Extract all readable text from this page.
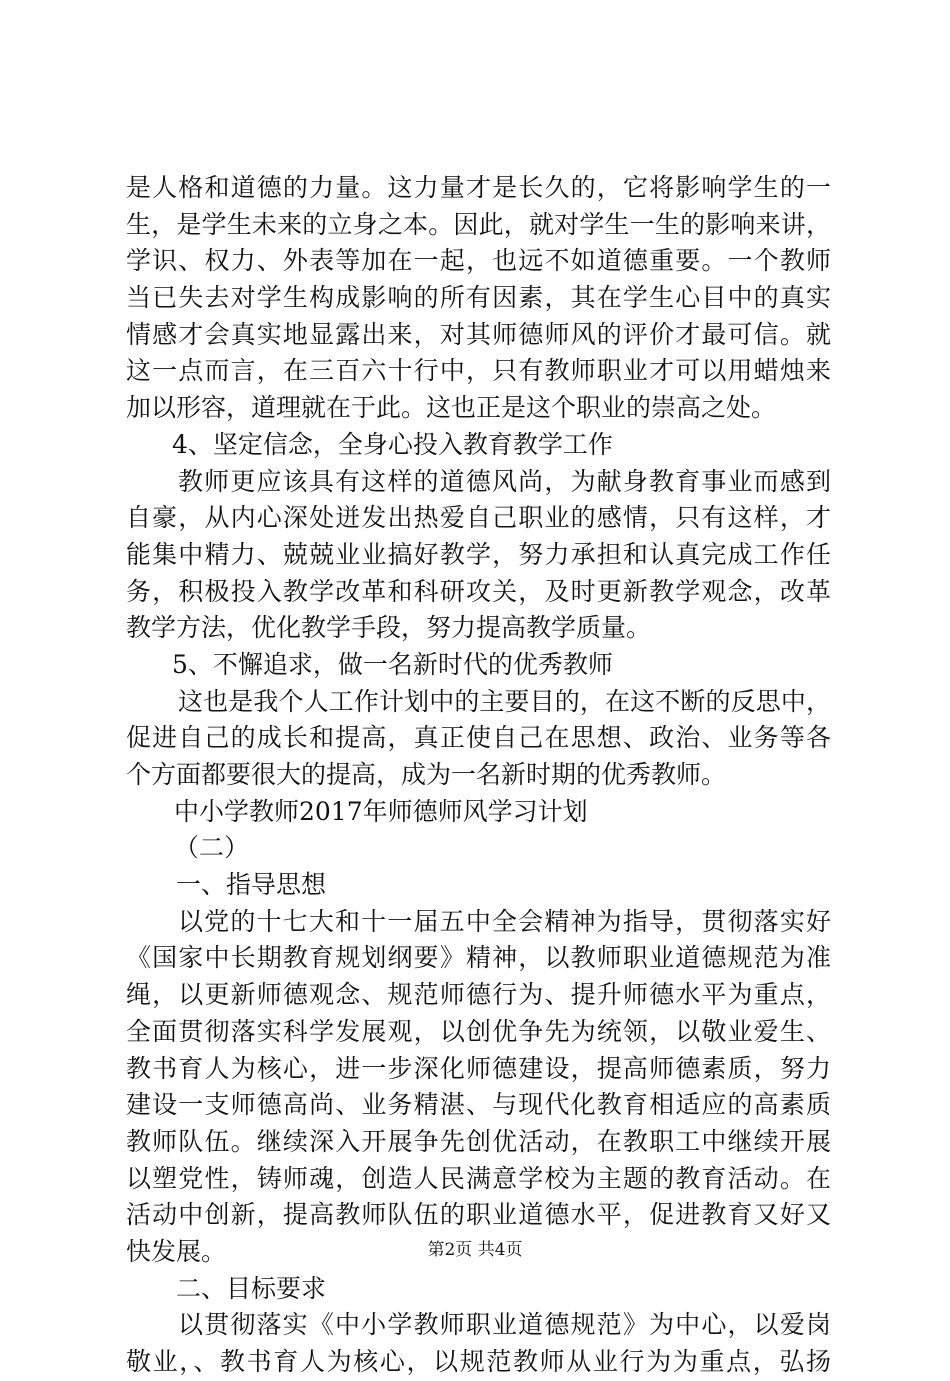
是人格和道德的力量。这力量才是长久的，它将影响学生的一
生，是学生未来的立身之本。因此，就对学生一生的影响来讲，
学识、权力、外表等加在一起，也远不如道德重要。一个教师
当已失去对学生构成影响的所有因素，其在学生心目中的真实
情感才会真实地显露出来，对其师德师风的评价才最可信。就
这一点而言，在三百六十行中，只有教师职业才可以用蜡烛来
加以形容，道理就在于此。这也正是这个职业的崇高之处。
4、坚定信念，全身心投入教育教学工作
教师更应该具有这样的道德风尚，为献身教育事业而感到
自豪，从内心深处迸发出热爱自己职业的感情，只有这样，才
能集中精力、兢兢业业搞好教学，努力承担和认真完成工作任
务，积极投入教学改革和科研攻关，及时更新教学观念，改革
教学方法，优化教学手段，努力提高教学质量。
5、不懈追求，做一名新时代的优秀教师
这也是我个人工作计划中的主要目的，在这不断的反思中，
促进自己的成长和提高，真正使自己在思想、政治、业务等各
个方面都要很大的提高，成为一名新时期的优秀教师。
中小学教师2017年师德师风学习计划
（二）
一、指导思想
以党的十七大和十一届五中全会精神为指导，贯彻落实好
《国家中长期教育规划纲要》精神，以教师职业道德规范为准
绳，以更新师德观念、规范师德行为、提升师德水平为重点，
全面贯彻落实科学发展观，以创优争先为统领，以敬业爱生、
教书育人为核心，进一步深化师德建设，提高师德素质，努力
建设一支师德高尚、业务精湛、与现代化教育相适应的高素质
教师队伍。继续深入开展争先创优活动，在教职工中继续开展
以塑党性，铸师魂，创造人民满意学校为主题的教育活动。在
活动中创新，提高教师队伍的职业道德水平，促进教育又好又
快发展。
二、目标要求
以贯彻落实《中小学教师职业道德规范》为中心，以爱岗
敬业，、教书育人为核心，以规范教师从业行为为重点，弘扬
第2页 共4页
